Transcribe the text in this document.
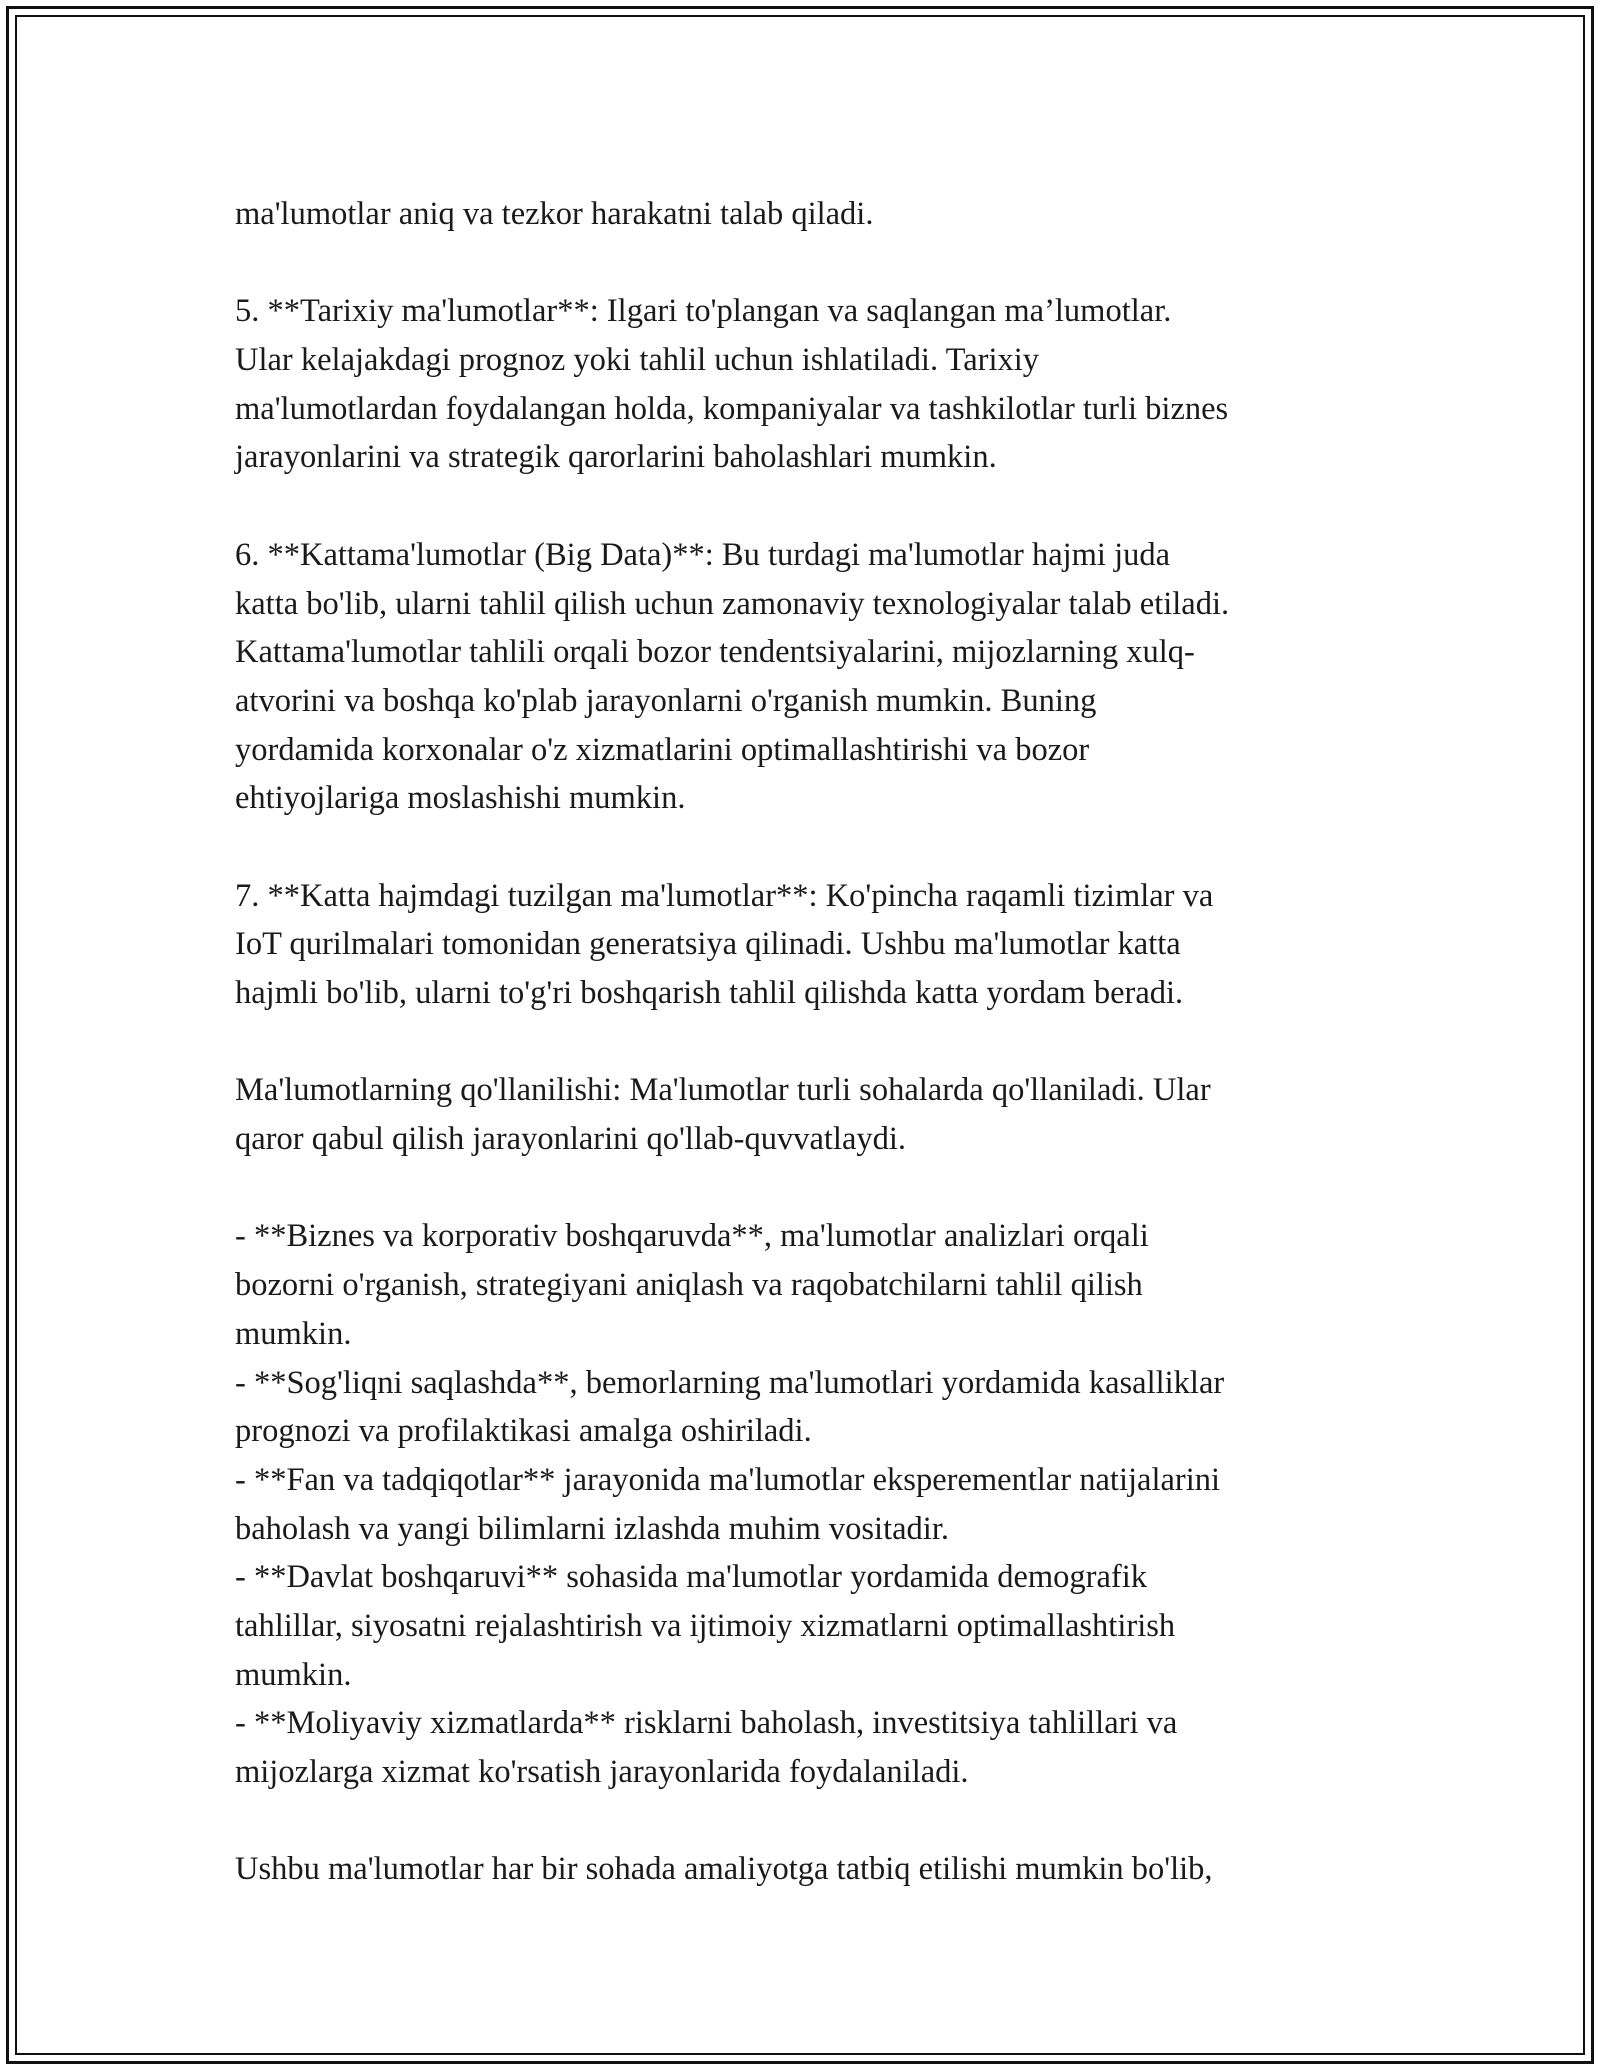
ma'lumotlar aniq va tezkor harakatni talab qiladi.
5. **Tarixiy ma'lumotlar**: Ilgari to'plangan va saqlangan ma’lumotlar.
Ular kelajakdagi prognoz yoki tahlil uchun ishlatiladi. Tarixiy
ma'lumotlardan foydalangan holda, kompaniyalar va tashkilotlar turli biznes
jarayonlarini va strategik qarorlarini baholashlari mumkin.
6. **Kattama'lumotlar (Big Data)**: Bu turdagi ma'lumotlar hajmi juda
katta bo'lib, ularni tahlil qilish uchun zamonaviy texnologiyalar talab etiladi.
Kattama'lumotlar tahlili orqali bozor tendentsiyalarini, mijozlarning xulq-
atvorini va boshqa ko'plab jarayonlarni o'rganish mumkin. Buning
yordamida korxonalar o'z xizmatlarini optimallashtirishi va bozor
ehtiyojlariga moslashishi mumkin.
7. **Katta hajmdagi tuzilgan ma'lumotlar**: Ko'pincha raqamli tizimlar va
IoT qurilmalari tomonidan generatsiya qilinadi. Ushbu ma'lumotlar katta
hajmli bo'lib, ularni to'g'ri boshqarish tahlil qilishda katta yordam beradi.
Ma'lumotlarning qo'llanilishi: Ma'lumotlar turli sohalarda qo'llaniladi. Ular
qaror qabul qilish jarayonlarini qo'llab-quvvatlaydi.
- **Biznes va korporativ boshqaruvda**, ma'lumotlar analizlari orqali
bozorni o'rganish, strategiyani aniqlash va raqobatchilarni tahlil qilish
mumkin.
- **Sog'liqni saqlashda**, bemorlarning ma'lumotlari yordamida kasalliklar
prognozi va profilaktikasi amalga oshiriladi.
- **Fan va tadqiqotlar** jarayonida ma'lumotlar eksperementlar natijalarini
baholash va yangi bilimlarni izlashda muhim vositadir.
- **Davlat boshqaruvi** sohasida ma'lumotlar yordamida demografik
tahlillar, siyosatni rejalashtirish va ijtimoiy xizmatlarni optimallashtirish
mumkin.
- **Moliyaviy xizmatlarda** risklarni baholash, investitsiya tahlillari va
mijozlarga xizmat ko'rsatish jarayonlarida foydalaniladi.
Ushbu ma'lumotlar har bir sohada amaliyotga tatbiq etilishi mumkin bo'lib,
